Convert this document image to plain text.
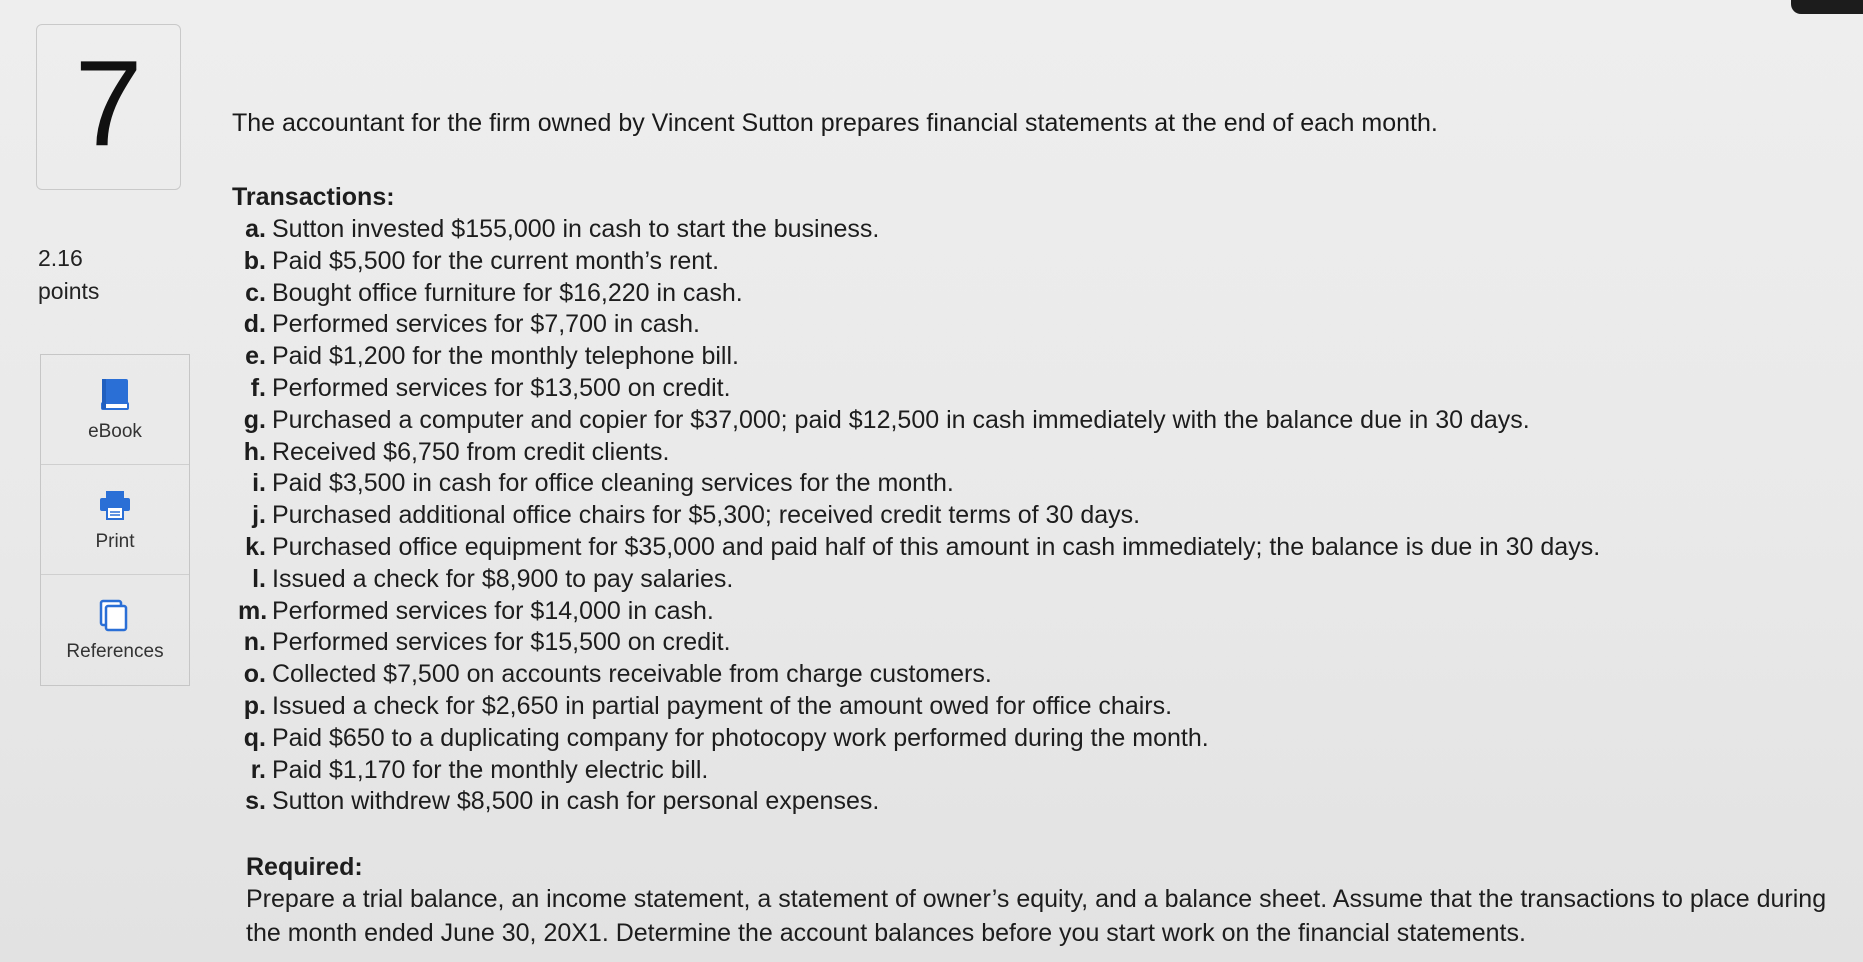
7
2.16
points
eBook
Print
References

The accountant for the firm owned by Vincent Sutton prepares financial statements at the end of each month.

Transactions:
a. Sutton invested $155,000 in cash to start the business.
b. Paid $5,500 for the current month’s rent.
c. Bought office furniture for $16,220 in cash.
d. Performed services for $7,700 in cash.
e. Paid $1,200 for the monthly telephone bill.
f. Performed services for $13,500 on credit.
g. Purchased a computer and copier for $37,000; paid $12,500 in cash immediately with the balance due in 30 days.
h. Received $6,750 from credit clients.
i. Paid $3,500 in cash for office cleaning services for the month.
j. Purchased additional office chairs for $5,300; received credit terms of 30 days.
k. Purchased office equipment for $35,000 and paid half of this amount in cash immediately; the balance is due in 30 days.
l. Issued a check for $8,900 to pay salaries.
m. Performed services for $14,000 in cash.
n. Performed services for $15,500 on credit.
o. Collected $7,500 on accounts receivable from charge customers.
p. Issued a check for $2,650 in partial payment of the amount owed for office chairs.
q. Paid $650 to a duplicating company for photocopy work performed during the month.
r. Paid $1,170 for the monthly electric bill.
s. Sutton withdrew $8,500 in cash for personal expenses.
Required:
Prepare a trial balance, an income statement, a statement of owner’s equity, and a balance sheet. Assume that the transactions to place during the month ended June 30, 20X1. Determine the account balances before you start work on the financial statements.
